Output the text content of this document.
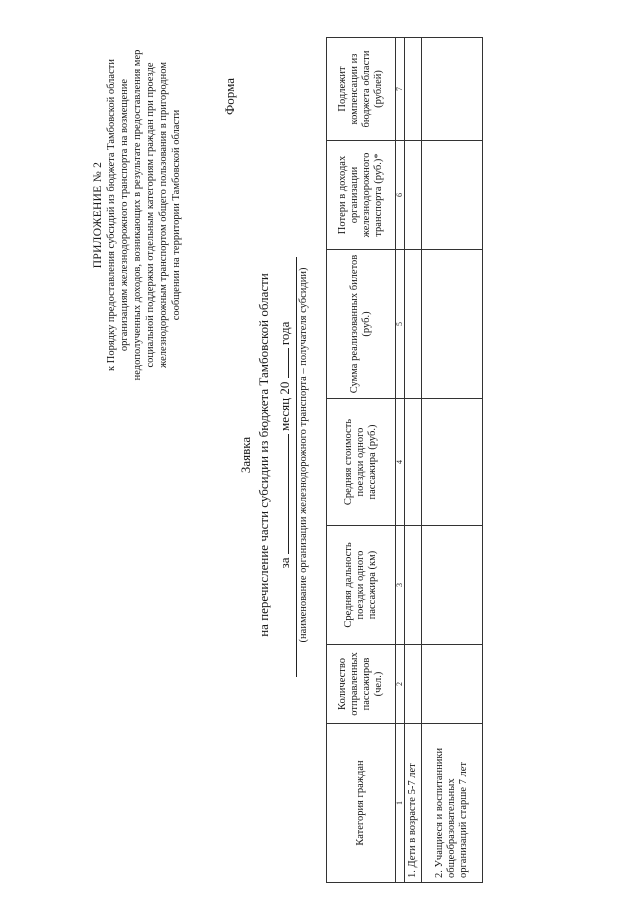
ПРИЛОЖЕНИЕ № 2 к Порядку предоставления субсидий из бюджета Тамбовской области организациям железнодорожного транспорта на возмещение недополученных доходов, возникающих в результате предоставления мер социальной поддержки отдельным категориям граждан при проезде железнодорожным транспортом общего пользования в пригородном сообщении на территории Тамбовской области
Форма
Заявка на перечисление части субсидии из бюджета Тамбовской области за  месяц 20  года (наименование организации железнодорожного транспорта – получателя субсидии)
Категория граждан	Количество отправленных пассажиров (чел.)	Средняя дальность поездки одного пассажира (км)	Средняя стоимость поездки одного пассажира (руб.)	Сумма реализованных билетов (руб.)	Потери в доходах организации железнодорожного транспорта (руб.)*	Подлежит компенсации из бюджета области (рублей)
1	2	3	4	5	6	7
1. Дети в возрасте 5-7 лет						
2. Учащиеся и воспитанники общеобразовательных организаций старше 7 лет						
